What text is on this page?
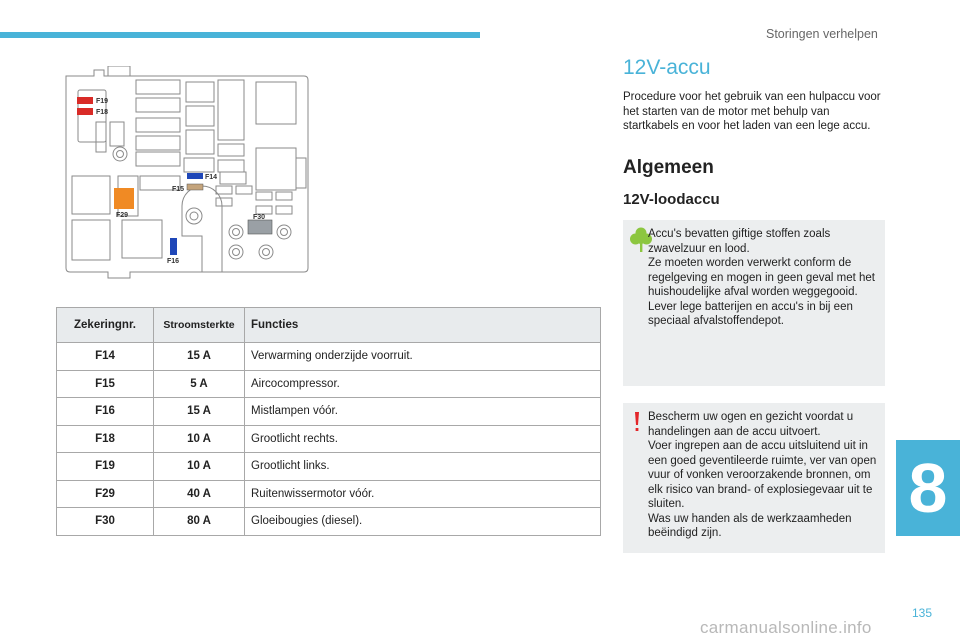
Storingen verhelpen
F19
F18
F14
F15
F29	F30
F16
Zekeringnr.	Stroomsterkte	Functies
F14	15 A	Verwarming onderzijde voorruit.
F15	5 A	Aircocompressor.
F16	15 A	Mistlampen vóór.
F18	10 A	Grootlicht rechts.
F19	10 A	Grootlicht links.
F29	40 A	Ruitenwissermotor vóór.
F30	80 A	Gloeibougies (diesel).
12V-accu
Procedure voor het gebruik van een hulpaccu voor het starten van de motor met behulp van startkabels en voor het laden van een lege accu.
Algemeen
12V-loodaccu
Accu's bevatten giftige stoffen zoals zwavelzuur en lood.
Ze moeten worden verwerkt conform de regelgeving en mogen in geen geval met het huishoudelijke afval worden weggegooid.
Lever lege batterijen en accu's in bij een speciaal afvalstoffendepot.
Bescherm uw ogen en gezicht voordat u handelingen aan de accu uitvoert.
Voer ingrepen aan de accu uitsluitend uit in een goed geventileerde ruimte, ver van open vuur of vonken veroorzakende bronnen, om elk risico van brand- of explosiegevaar uit te sluiten.
Was uw handen als de werkzaamheden beëindigd zijn.
8
135
carmanualsonline.info
